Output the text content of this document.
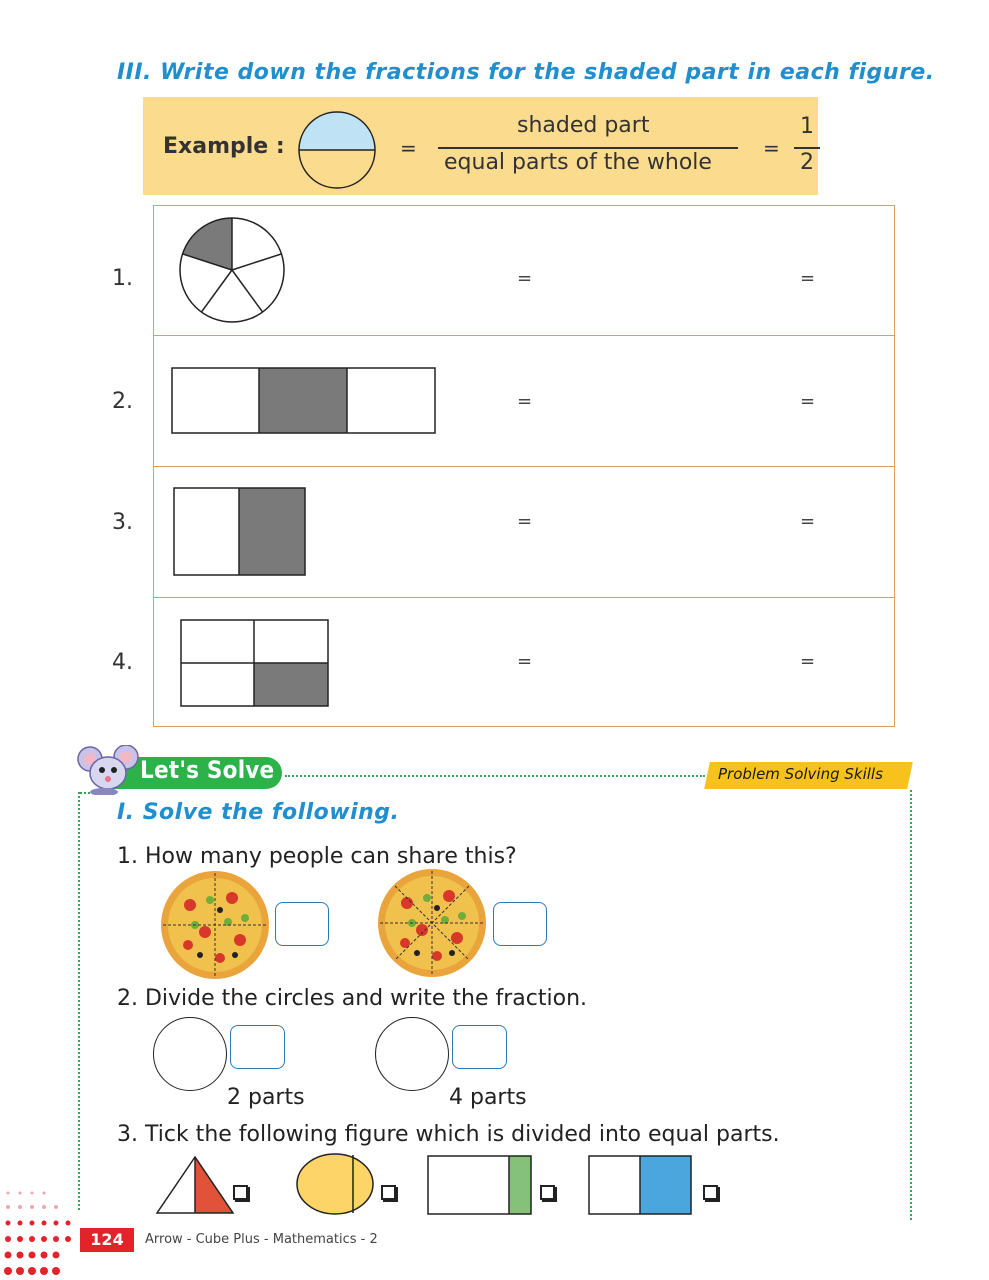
III. Write down the fractions for the shaded part in each figure.
Example :	=
shaded part
equal parts of the whole
=
1
2
1.	=	=
2.	=	=
3.	=	=
4.	=	=
Let's Solve	Problem Solving Skills
I. Solve the following.
1. How many people can share this?
2. Divide the circles and write the fraction.
2 parts	4 parts
3. Tick the following figure which is divided into equal parts.
124	Arrow - Cube Plus - Mathematics - 2
